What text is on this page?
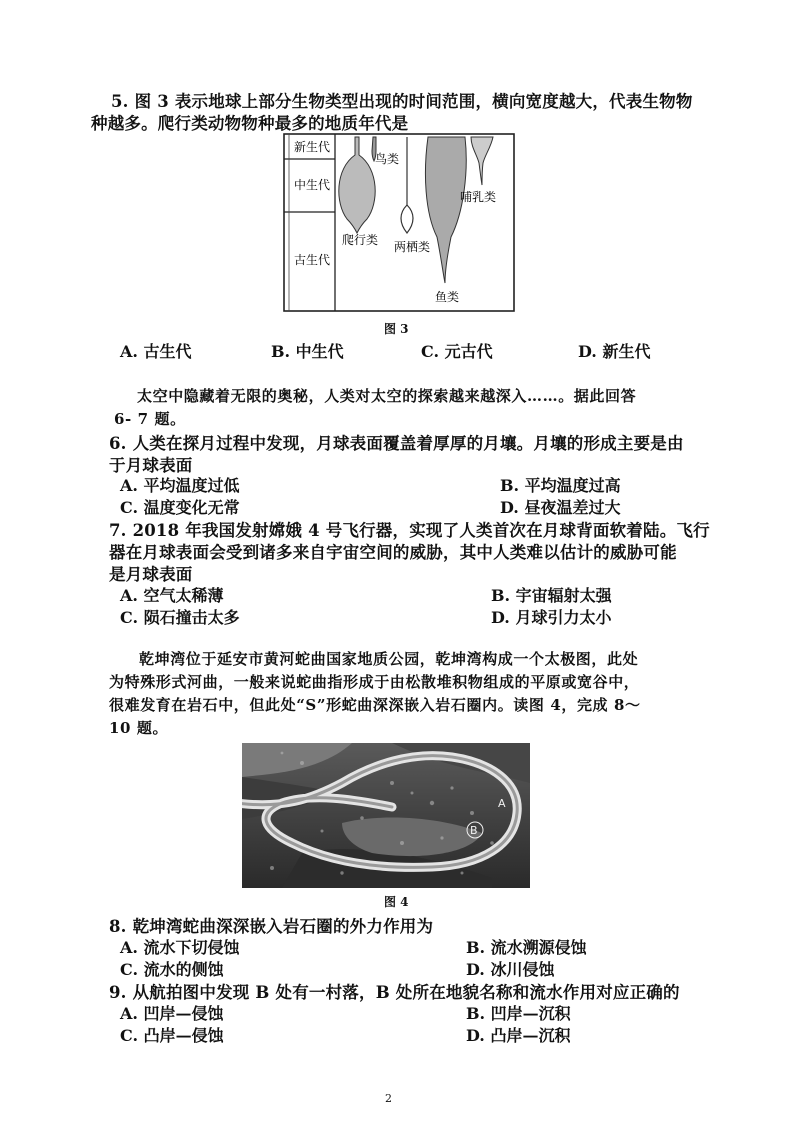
5. 图 3 表示地球上部分生物类型出现的时间范围，横向宽度越大，代表生物物
种越多。爬行类动物物种最多的地质年代是
新生代
中生代
古生代
鸟类
爬行类 两栖类
哺乳类
鱼类
图 3
A. 古生代	B. 中生代	C. 元古代	D. 新生代
太空中隐藏着无限的奥秘，人类对太空的探索越来越深入……。据此回答
6- 7 题。
6. 人类在探月过程中发现，月球表面覆盖着厚厚的月壤。月壤的形成主要是由
于月球表面
A. 平均温度过低	B. 平均温度过高
C. 温度变化无常	D. 昼夜温差过大
7. 2018 年我国发射嫦娥 4 号飞行器，实现了人类首次在月球背面软着陆。飞行
器在月球表面会受到诸多来自宇宙空间的威胁，其中人类难以估计的威胁可能
是月球表面
A. 空气太稀薄	B. 宇宙辐射太强
C. 陨石撞击太多	D. 月球引力太小
乾坤湾位于延安市黄河蛇曲国家地质公园，乾坤湾构成一个太极图，此处
为特殊形式河曲，一般来说蛇曲指形成于由松散堆积物组成的平原或宽谷中，
很难发育在岩石中，但此处“S”形蛇曲深深嵌入岩石圈内。读图 4，完成 8～
10 题。
A
B
图 4
8. 乾坤湾蛇曲深深嵌入岩石圈的外力作用为
A. 流水下切侵蚀	B. 流水溯源侵蚀
C. 流水的侧蚀	D. 冰川侵蚀
9. 从航拍图中发现 B 处有一村落，B 处所在地貌名称和流水作用对应正确的
A. 凹岸—侵蚀	B. 凹岸—沉积
C. 凸岸—侵蚀	D. 凸岸—沉积
2
